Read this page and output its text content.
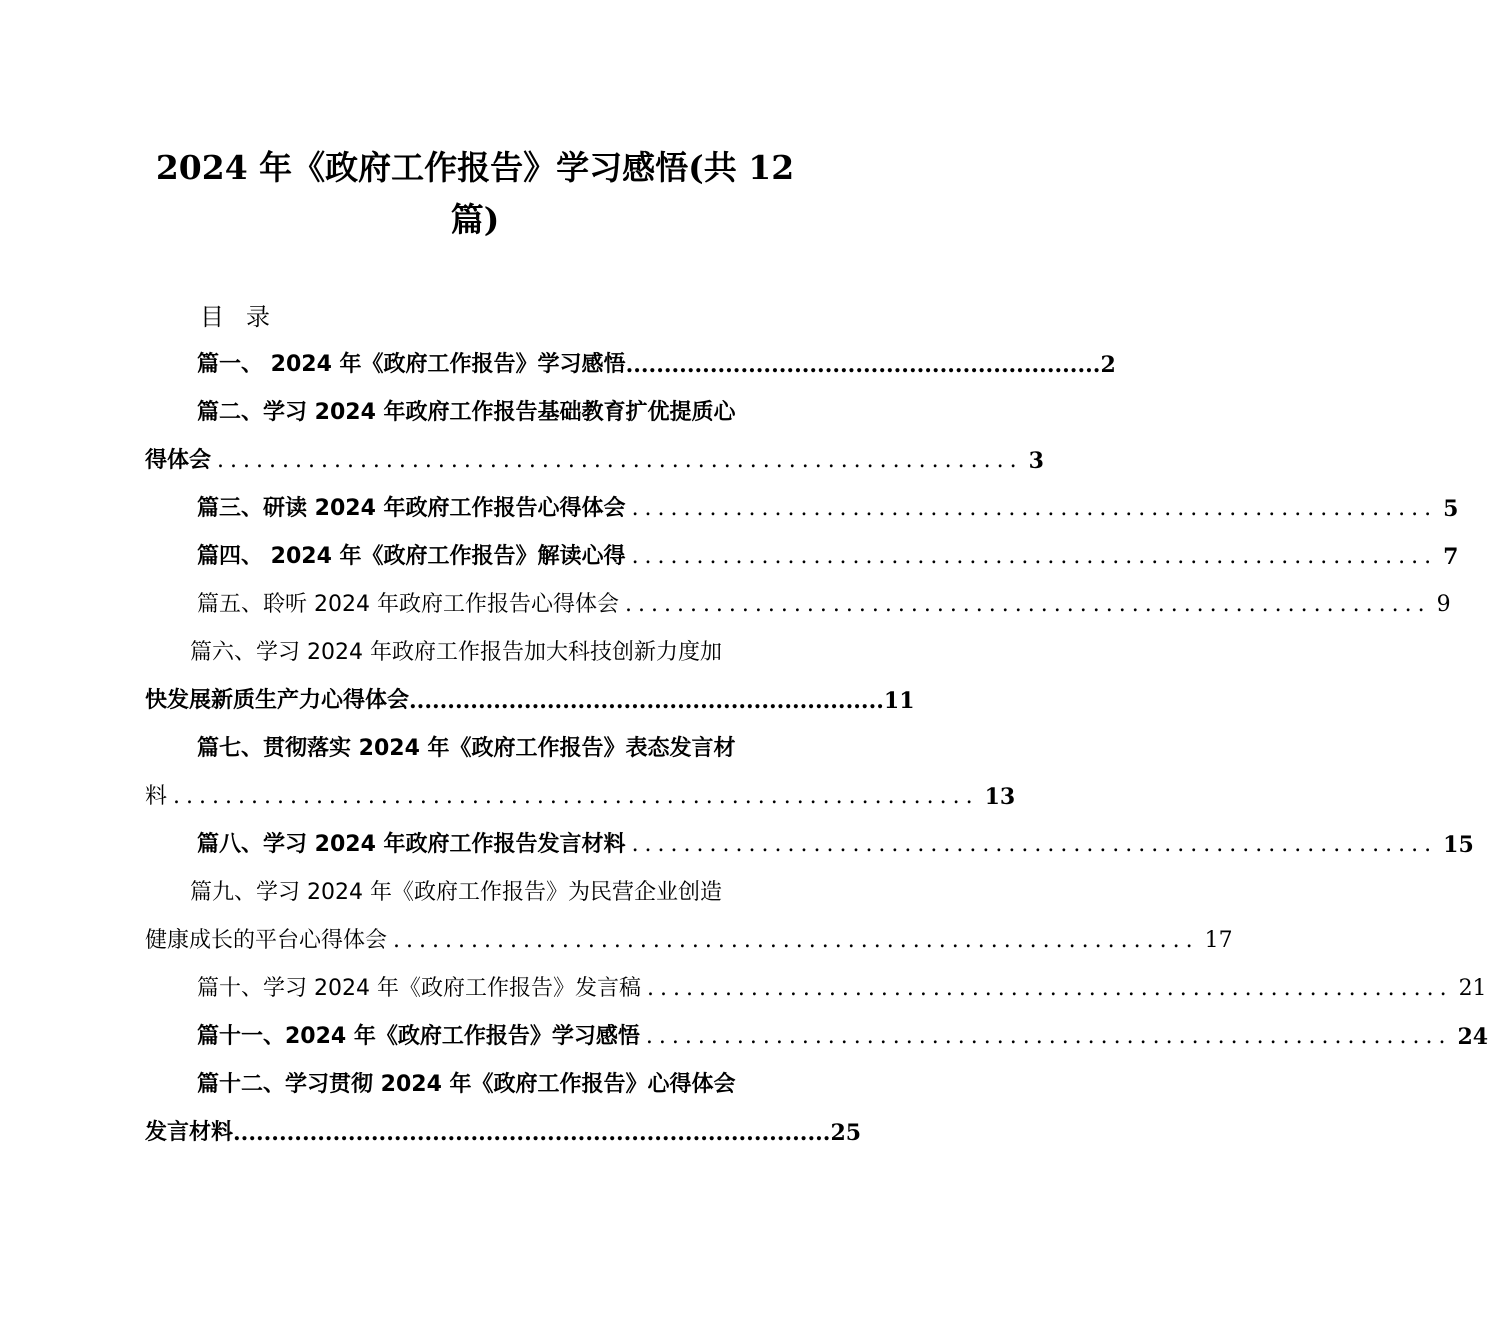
2024 年《政府工作报告》学习感悟(共 12
篇)
目录
篇一、 2024 年《政府工作报告》学习感悟 .............................................................. 2
篇二、学习 2024 年政府工作报告基础教育扩优提质心
得体会 .............................................................. 3
篇三、研读 2024 年政府工作报告心得体会 .............................................................. 5
篇四、 2024 年《政府工作报告》解读心得 .............................................................. 7
篇五、聆听 2024 年政府工作报告心得体会 .............................................................. 9
篇六、学习 2024 年政府工作报告加大科技创新力度加
快发展新质生产力心得体会 .............................................................. 11
篇七、贯彻落实 2024 年《政府工作报告》表态发言材
料 .............................................................. 13
篇八、学习 2024 年政府工作报告发言材料 .............................................................. 15
篇九、学习 2024 年《政府工作报告》为民营企业创造
健康成长的平台心得体会 .............................................................. 17
篇十、学习 2024 年《政府工作报告》发言稿 .............................................................. 21
篇十一、2024 年《政府工作报告》学习感悟 .............................................................. 24
篇十二、学习贯彻 2024 年《政府工作报告》心得体会
发言材料 .............................................................................. 25
